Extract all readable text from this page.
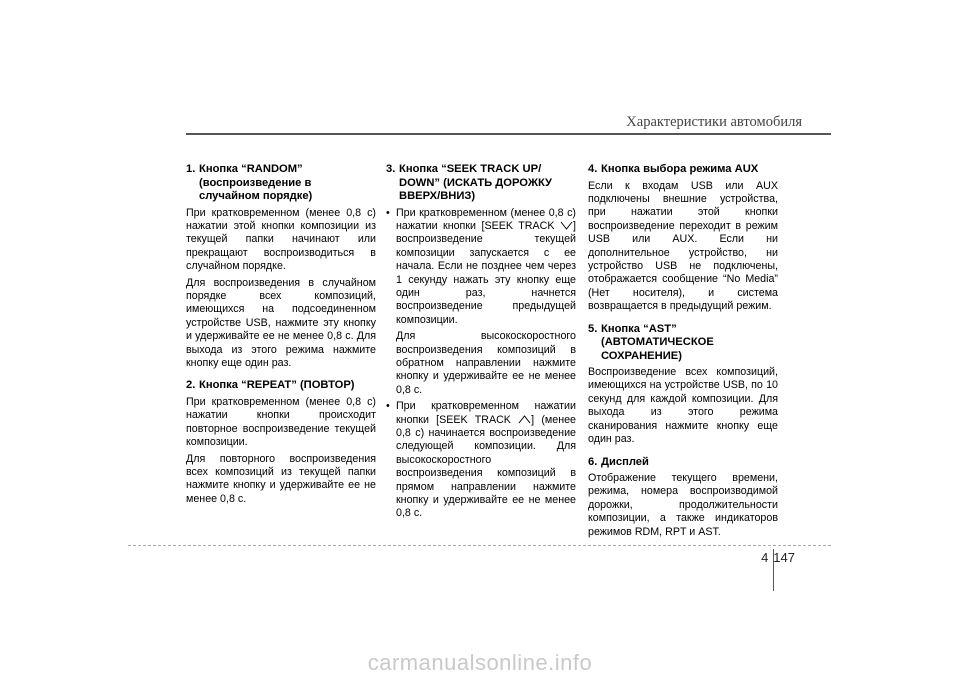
Характеристики автомобиля
1. Кнопка “RANDOM”
(воспроизведение в
случайном порядке)

При кратковременном (менее 0,8 с) нажатии этой кнопки композиции из текущей папки начинают или прекращают воспроизводиться в случайном порядке.

Для воспроизведения в случайном порядке всех композиций, имеющихся на подсоединенном устройстве USB, нажмите эту кнопку и удерживайте ее не менее 0,8 с. Для выхода из этого режима нажмите кнопку еще один раз.

2. Кнопка “REPEAT” (ПОВТОР)

При кратковременном (менее 0,8 с) нажатии кнопки происходит повторное воспроизведение текущей композиции.

Для повторного воспроизведения всех композиций из текущей папки нажмите кнопку и удерживайте ее не менее 0,8 с.

3. Кнопка “SEEK TRACK UP/
DOWN” (ИСКАТЬ ДОРОЖКУ
ВВЕРХ/ВНИЗ)

• При кратковременном (менее 0,8 с) нажатии кнопки [SEEK TRACK ] воспроизведение текущей композиции запускается с ее начала. Если не позднее чем через 1 секунду нажать эту кнопку еще один раз, начнется воспроизведение предыдущей композиции.

Для высокоскоростного воспроизведения композиций в обратном направлении нажмите кнопку и удерживайте ее не менее 0,8 с.

• При кратковременном нажатии кнопки [SEEK TRACK ] (менее 0,8 с) начинается воспроизведение следующей композиции. Для высокоскоростного воспроизведения композиций в прямом направлении нажмите кнопку и удерживайте ее не менее 0,8 с.

4. Кнопка выбора режима AUX

Если к входам USB или AUX подключены внешние устройства, при нажатии этой кнопки воспроизведение переходит в режим USB или AUX. Если ни дополнительное устройство, ни устройство USB не подключены, отображается сообщение “No Media” (Нет носителя), и система возвращается в предыдущий режим.

5. Кнопка “AST”
(АВТОМАТИЧЕСКОЕ
СОХРАНЕНИЕ)

Воспроизведение всех композиций, имеющихся на устройстве USB, по 10 секунд для каждой композиции. Для выхода из этого режима сканирования нажмите кнопку еще один раз.

6. Дисплей

Отображение текущего времени, режима, номера воспроизводимой дорожки, продолжительности композиции, а также индикаторов режимов RDM, RPT и AST.

4 147
carmanualsonline.info
